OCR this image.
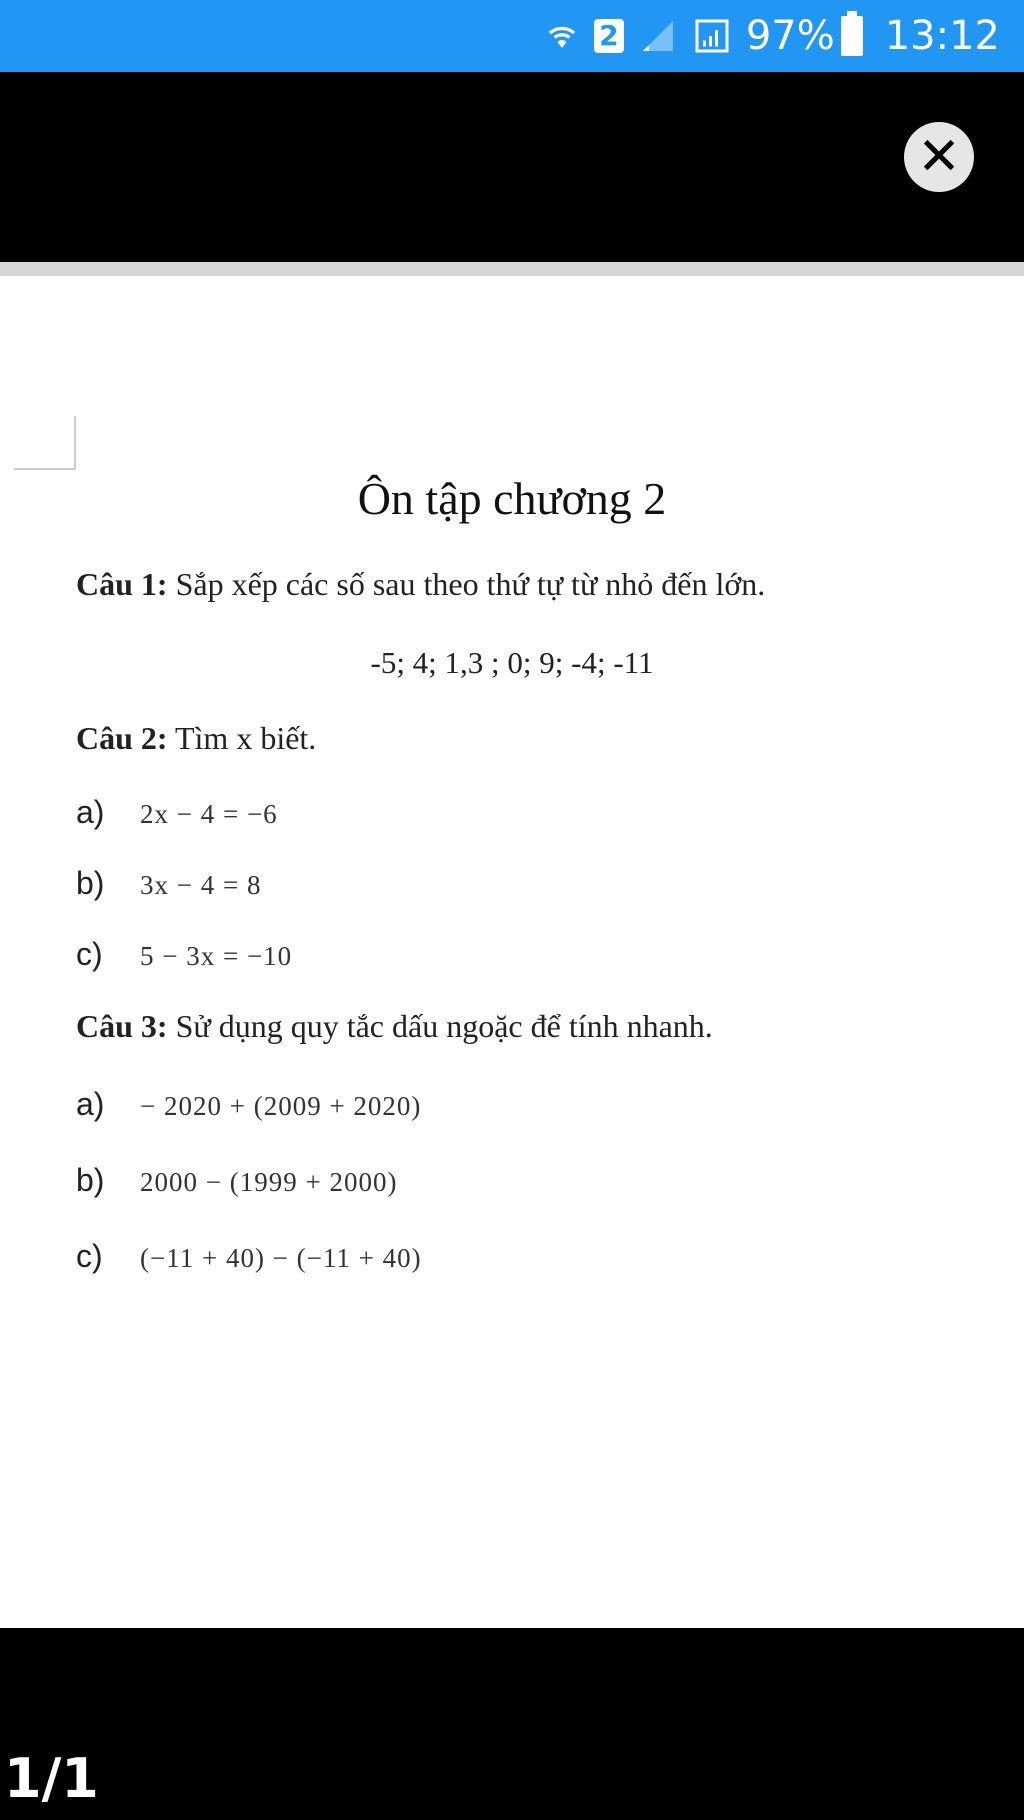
2	97% 13:12
✕
Ôn tập chương 2
Câu 1: Sắp xếp các số sau theo thứ tự từ nhỏ đến lớn.
-5; 4; 1,3 ; 0; 9; -4; -11
Câu 2: Tìm x biết.
a)	2x − 4 = −6
b)	3x − 4 = 8
c)	5 − 3x = −10
Câu 3: Sử dụng quy tắc dấu ngoặc để tính nhanh.
a)	− 2020 + (2009 + 2020)
b)	2000 − (1999 + 2000)
c)	(−11 + 40) − (−11 + 40)
1/1
